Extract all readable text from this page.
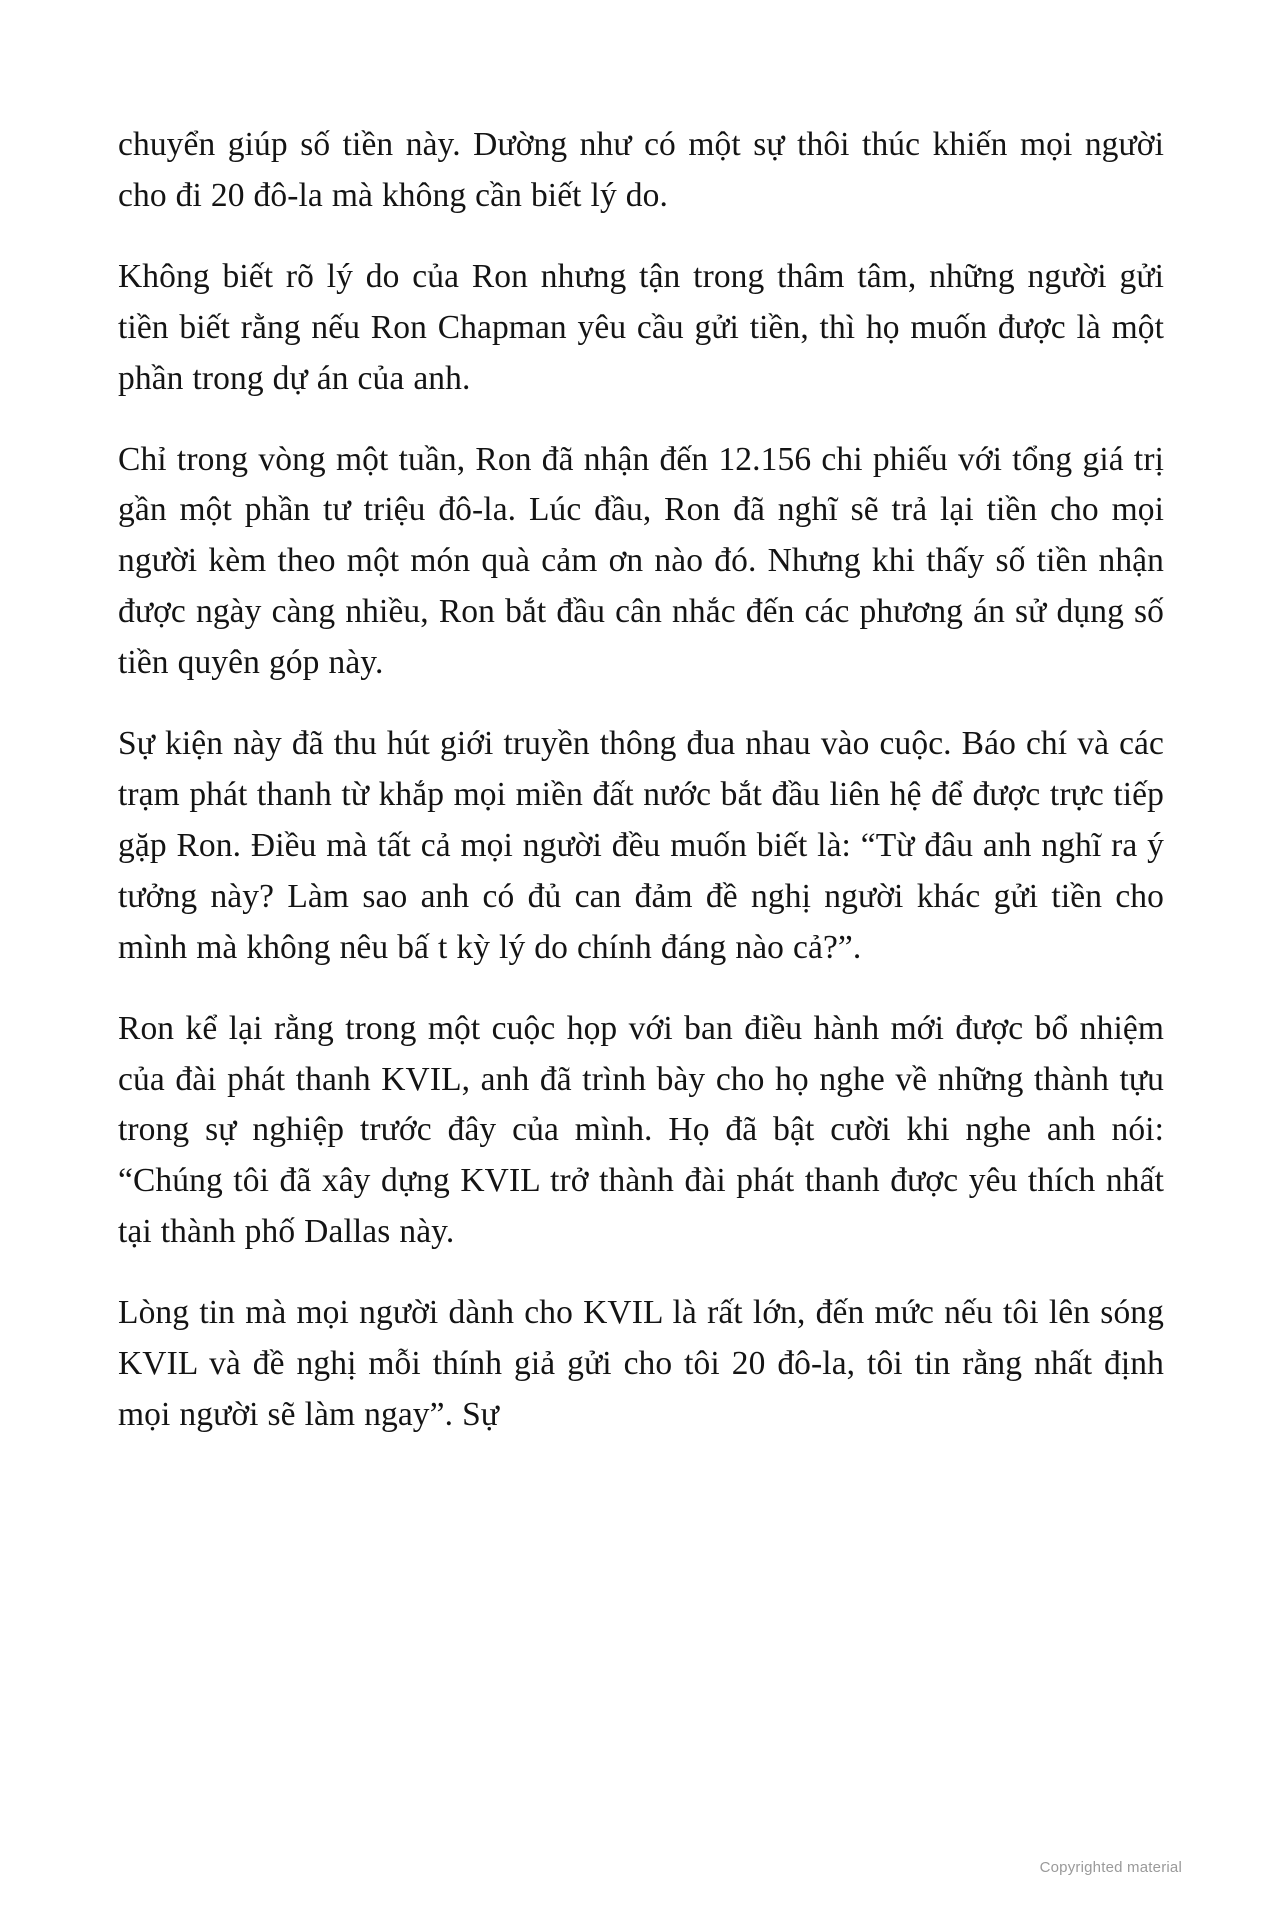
chuyển giúp số tiền này. Dường như có một sự thôi thúc khiến mọi người cho đi 20 đô-la mà không cần biết lý do.

Không biết rõ lý do của Ron nhưng tận trong thâm tâm, những người gửi tiền biết rằng nếu Ron Chapman yêu cầu gửi tiền, thì họ muốn được là một phần trong dự án của anh.

Chỉ trong vòng một tuần, Ron đã nhận đến 12.156 chi phiếu với tổng giá trị gần một phần tư triệu đô-la. Lúc đầu, Ron đã nghĩ sẽ trả lại tiền cho mọi người kèm theo một món quà cảm ơn nào đó. Nhưng khi thấy số tiền nhận được ngày càng nhiều, Ron bắt đầu cân nhắc đến các phương án sử dụng số tiền quyên góp này.

Sự kiện này đã thu hút giới truyền thông đua nhau vào cuộc. Báo chí và các trạm phát thanh từ khắp mọi miền đất nước bắt đầu liên hệ để được trực tiếp gặp Ron. Điều mà tất cả mọi người đều muốn biết là: “Từ đâu anh nghĩ ra ý tưởng này? Làm sao anh có đủ can đảm đề nghị người khác gửi tiền cho mình mà không nêu bấ t kỳ lý do chính đáng nào cả?”.

Ron kể lại rằng trong một cuộc họp với ban điều hành mới được bổ nhiệm của đài phát thanh KVIL, anh đã trình bày cho họ nghe về những thành tựu trong sự nghiệp trước đây của mình. Họ đã bật cười khi nghe anh nói: “Chúng tôi đã xây dựng KVIL trở thành đài phát thanh được yêu thích nhất tại thành phố Dallas này.

Lòng tin mà mọi người dành cho KVIL là rất lớn, đến mức nếu tôi lên sóng KVIL và đề nghị mỗi thính giả gửi cho tôi 20 đô-la, tôi tin rằng nhất định mọi người sẽ làm ngay”. Sự

Copyrighted material
